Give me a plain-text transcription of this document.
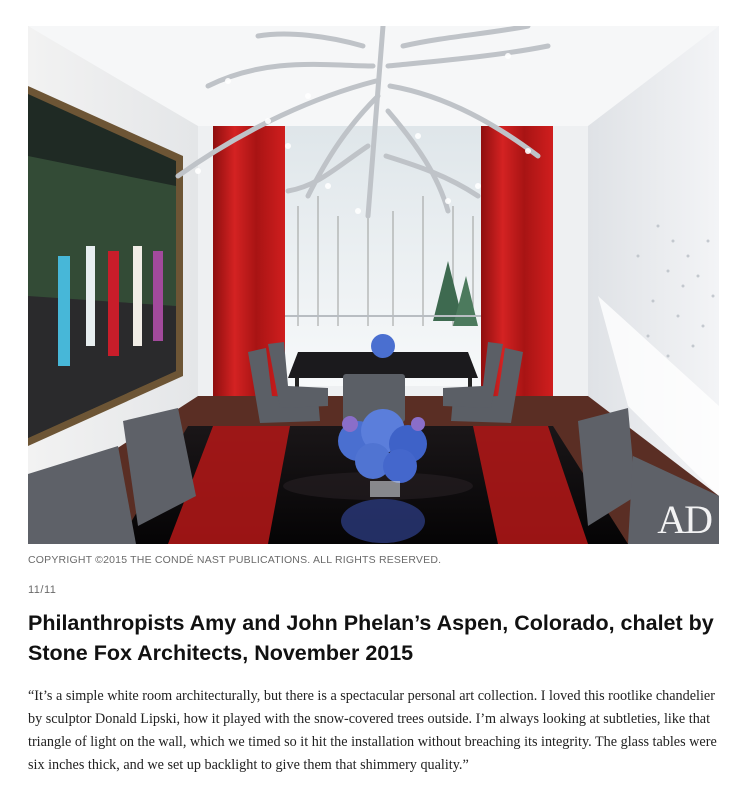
AD
COPYRIGHT ©2015 THE CONDÉ NAST PUBLICATIONS. ALL RIGHTS RESERVED.
11/11
Philanthropists Amy and John Phelan’s Aspen, Colorado, chalet by Stone Fox Architects, November 2015

“It’s a simple white room architecturally, but there is a spectacular personal art collection. I loved this rootlike chandelier by sculptor Donald Lipski, how it played with the snow-covered trees outside. I’m always looking at subtleties, like that triangle of light on the wall, which we timed so it hit the installation without breaching its integrity. The glass tables were six inches thick, and we set up backlight to give them that shimmery quality.”
